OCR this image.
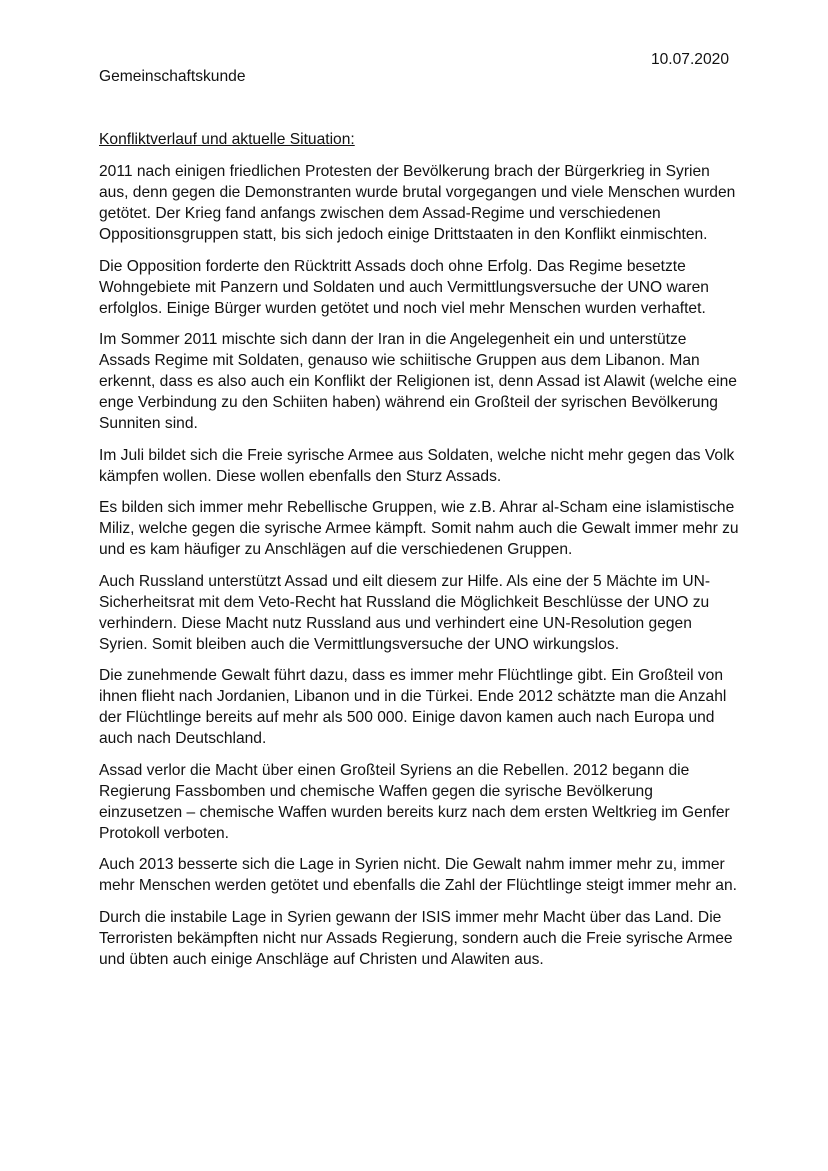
10.07.2020
Gemeinschaftskunde
Konfliktverlauf und aktuelle Situation:

2011 nach einigen friedlichen Protesten der Bevölkerung brach der Bürgerkrieg in Syrien aus, denn gegen die Demonstranten wurde brutal vorgegangen und viele Menschen wurden getötet. Der Krieg fand anfangs zwischen dem Assad-Regime und verschiedenen Oppositionsgruppen statt, bis sich jedoch einige Drittstaaten in den Konflikt einmischten.

Die Opposition forderte den Rücktritt Assads doch ohne Erfolg. Das Regime besetzte Wohngebiete mit Panzern und Soldaten und auch Vermittlungsversuche der UNO waren erfolglos. Einige Bürger wurden getötet und noch viel mehr Menschen wurden verhaftet.

Im Sommer 2011 mischte sich dann der Iran in die Angelegenheit ein und unterstütze Assads Regime mit Soldaten, genauso wie schiitische Gruppen aus dem Libanon. Man erkennt, dass es also auch ein Konflikt der Religionen ist, denn Assad ist Alawit (welche eine enge Verbindung zu den Schiiten haben) während ein Großteil der syrischen Bevölkerung Sunniten sind.

Im Juli bildet sich die Freie syrische Armee aus Soldaten, welche nicht mehr gegen das Volk kämpfen wollen. Diese wollen ebenfalls den Sturz Assads.

Es bilden sich immer mehr Rebellische Gruppen, wie z.B. Ahrar al-Scham eine islamistische Miliz, welche gegen die syrische Armee kämpft. Somit nahm auch die Gewalt immer mehr zu und es kam häufiger zu Anschlägen auf die verschiedenen Gruppen.

Auch Russland unterstützt Assad und eilt diesem zur Hilfe. Als eine der 5 Mächte im UN-Sicherheitsrat mit dem Veto-Recht hat Russland die Möglichkeit Beschlüsse der UNO zu verhindern. Diese Macht nutz Russland aus und verhindert eine UN-Resolution gegen Syrien. Somit bleiben auch die Vermittlungsversuche der UNO wirkungslos.

Die zunehmende Gewalt führt dazu, dass es immer mehr Flüchtlinge gibt. Ein Großteil von ihnen flieht nach Jordanien, Libanon und in die Türkei. Ende 2012 schätzte man die Anzahl der Flüchtlinge bereits auf mehr als 500 000. Einige davon kamen auch nach Europa und auch nach Deutschland.

Assad verlor die Macht über einen Großteil Syriens an die Rebellen. 2012 begann die Regierung Fassbomben und chemische Waffen gegen die syrische Bevölkerung einzusetzen – chemische Waffen wurden bereits kurz nach dem ersten Weltkrieg im Genfer Protokoll verboten.

Auch 2013 besserte sich die Lage in Syrien nicht. Die Gewalt nahm immer mehr zu, immer mehr Menschen werden getötet und ebenfalls die Zahl der Flüchtlinge steigt immer mehr an.

Durch die instabile Lage in Syrien gewann der ISIS immer mehr Macht über das Land. Die Terroristen bekämpften nicht nur Assads Regierung, sondern auch die Freie syrische Armee und übten auch einige Anschläge auf Christen und Alawiten aus.
